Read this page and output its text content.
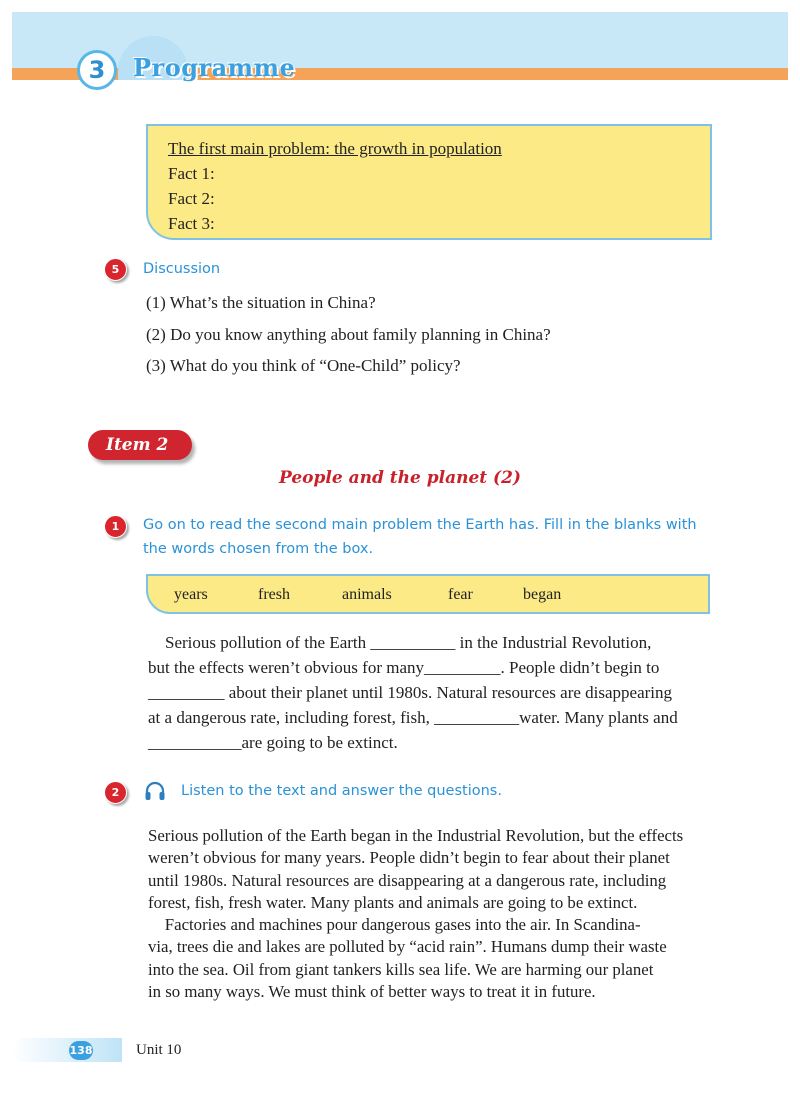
3	Programme
The first main problem: the growth in population
Fact 1:
Fact 2:
Fact 3:
5	Discussion
(1) What’s the situation in China?
(2) Do you know anything about family planning in China?
(3) What do you think of “One-Child” policy?
Item 2
People and the planet (2)
1	Go on to read the second main problem the Earth has. Fill in the blanks with
the words chosen from the box.
years	fresh	animals	fear	began
Serious pollution of the Earth __________ in the Industrial Revolution,
but the effects weren’t obvious for many_________. People didn’t begin to
_________ about their planet until 1980s. Natural resources are disappearing
at a dangerous rate, including forest, fish, __________water. Many plants and
___________are going to be extinct.
2	Listen to the text and answer the questions.
Serious pollution of the Earth began in the Industrial Revolution, but the effects
weren’t obvious for many years. People didn’t begin to fear about their planet
until 1980s. Natural resources are disappearing at a dangerous rate, including
forest, fish, fresh water. Many plants and animals are going to be extinct.
Factories and machines pour dangerous gases into the air. In Scandina-
via, trees die and lakes are polluted by “acid rain”. Humans dump their waste
into the sea. Oil from giant tankers kills sea life. We are harming our planet
in so many ways. We must think of better ways to treat it in future.
138	Unit 10
